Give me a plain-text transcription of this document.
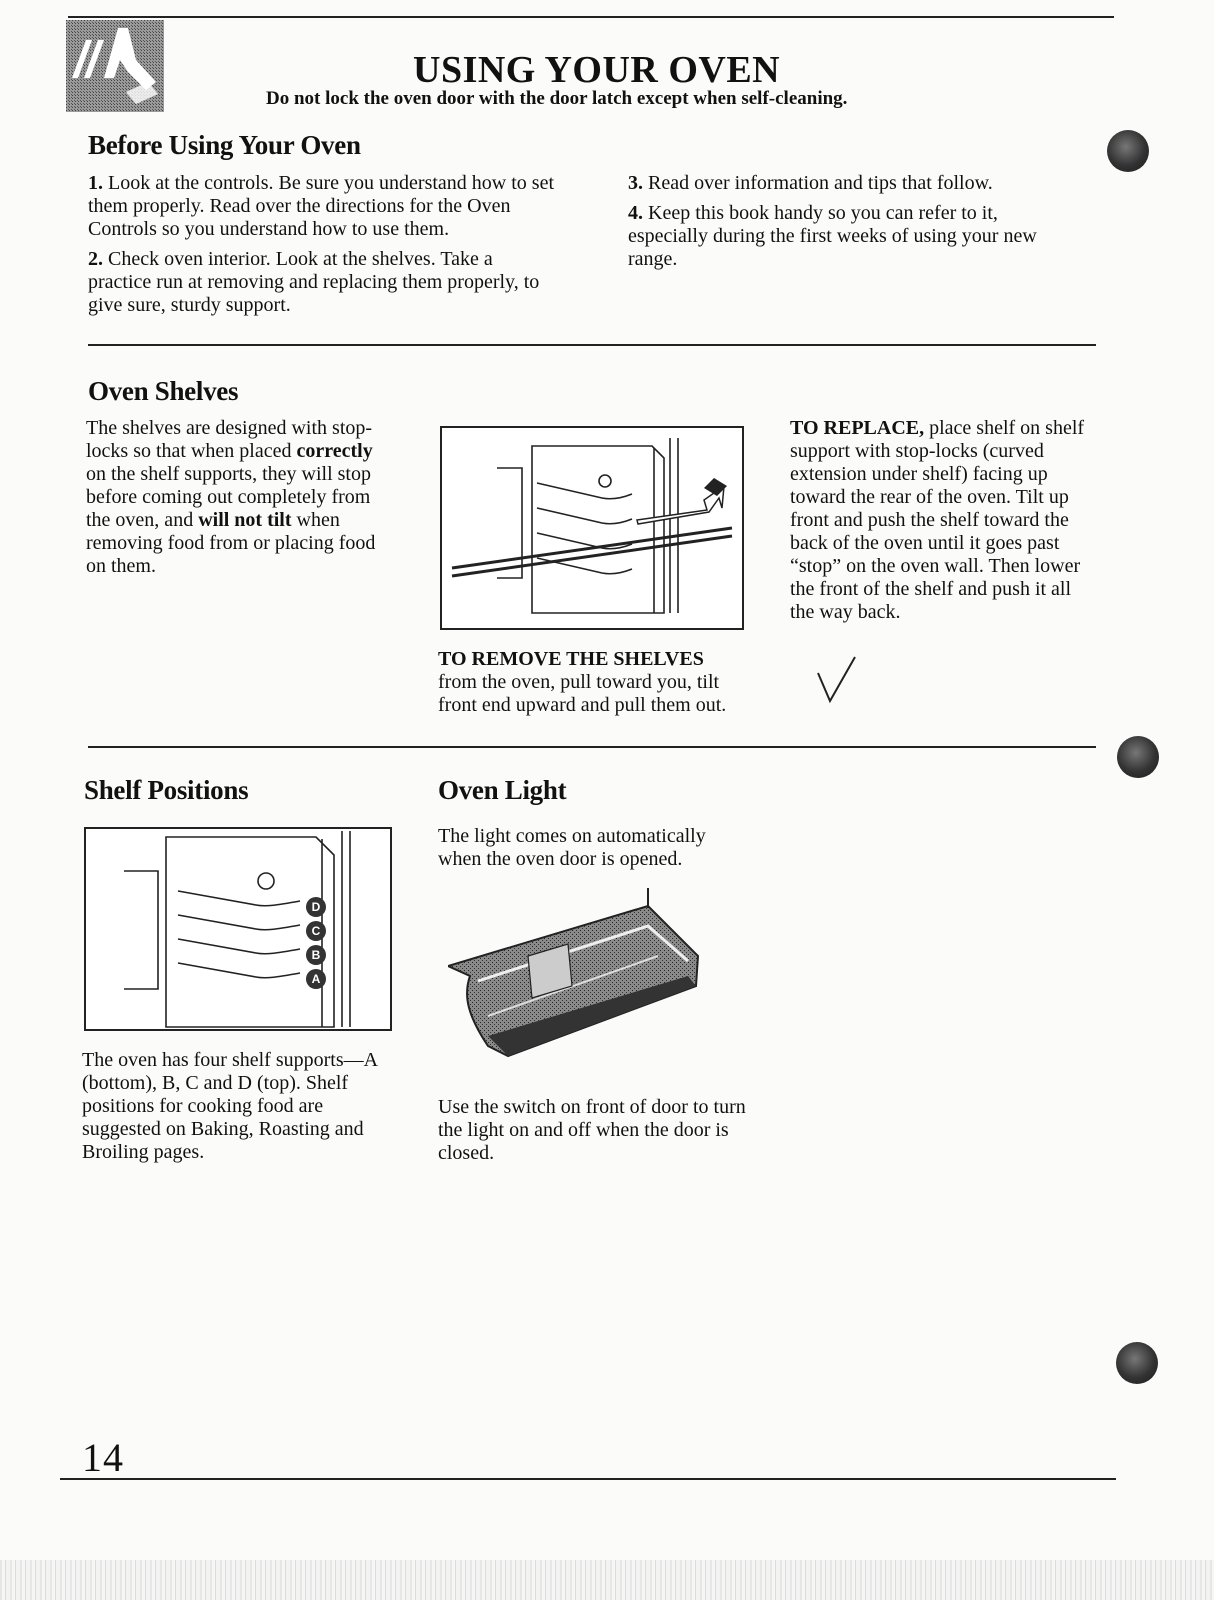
USING YOUR OVEN
Do not lock the oven door with the door latch except when self-cleaning.
Before Using Your Oven

1. Look at the controls. Be sure you understand how to set them properly. Read over the directions for the Oven Controls so you understand how to use them.

2. Check oven interior. Look at the shelves. Take a practice run at removing and replacing them properly, to give sure, sturdy support.

3. Read over information and tips that follow.

4. Keep this book handy so you can refer to it, especially during the first weeks of using your new range.

Oven Shelves
The shelves are designed with stop-locks so that when placed correctly on the shelf supports, they will stop before coming out completely from the oven, and will not tilt when removing food from or placing food on them.
TO REMOVE THE SHELVES
from the oven, pull toward you, tilt front end upward and pull them out.
TO REPLACE, place shelf on shelf support with stop-locks (curved extension under shelf) facing up toward the rear of the oven. Tilt up front and push the shelf toward the back of the oven until it goes past “stop” on the oven wall. Then lower the front of the shelf and push it all the way back.
Shelf Positions
D
C
B
A
The oven has four shelf supports—A (bottom), B, C and D (top). Shelf positions for cooking food are suggested on Baking, Roasting and Broiling pages.
Oven Light
The light comes on automatically when the oven door is opened.
Use the switch on front of door to turn the light on and off when the door is closed.
14
